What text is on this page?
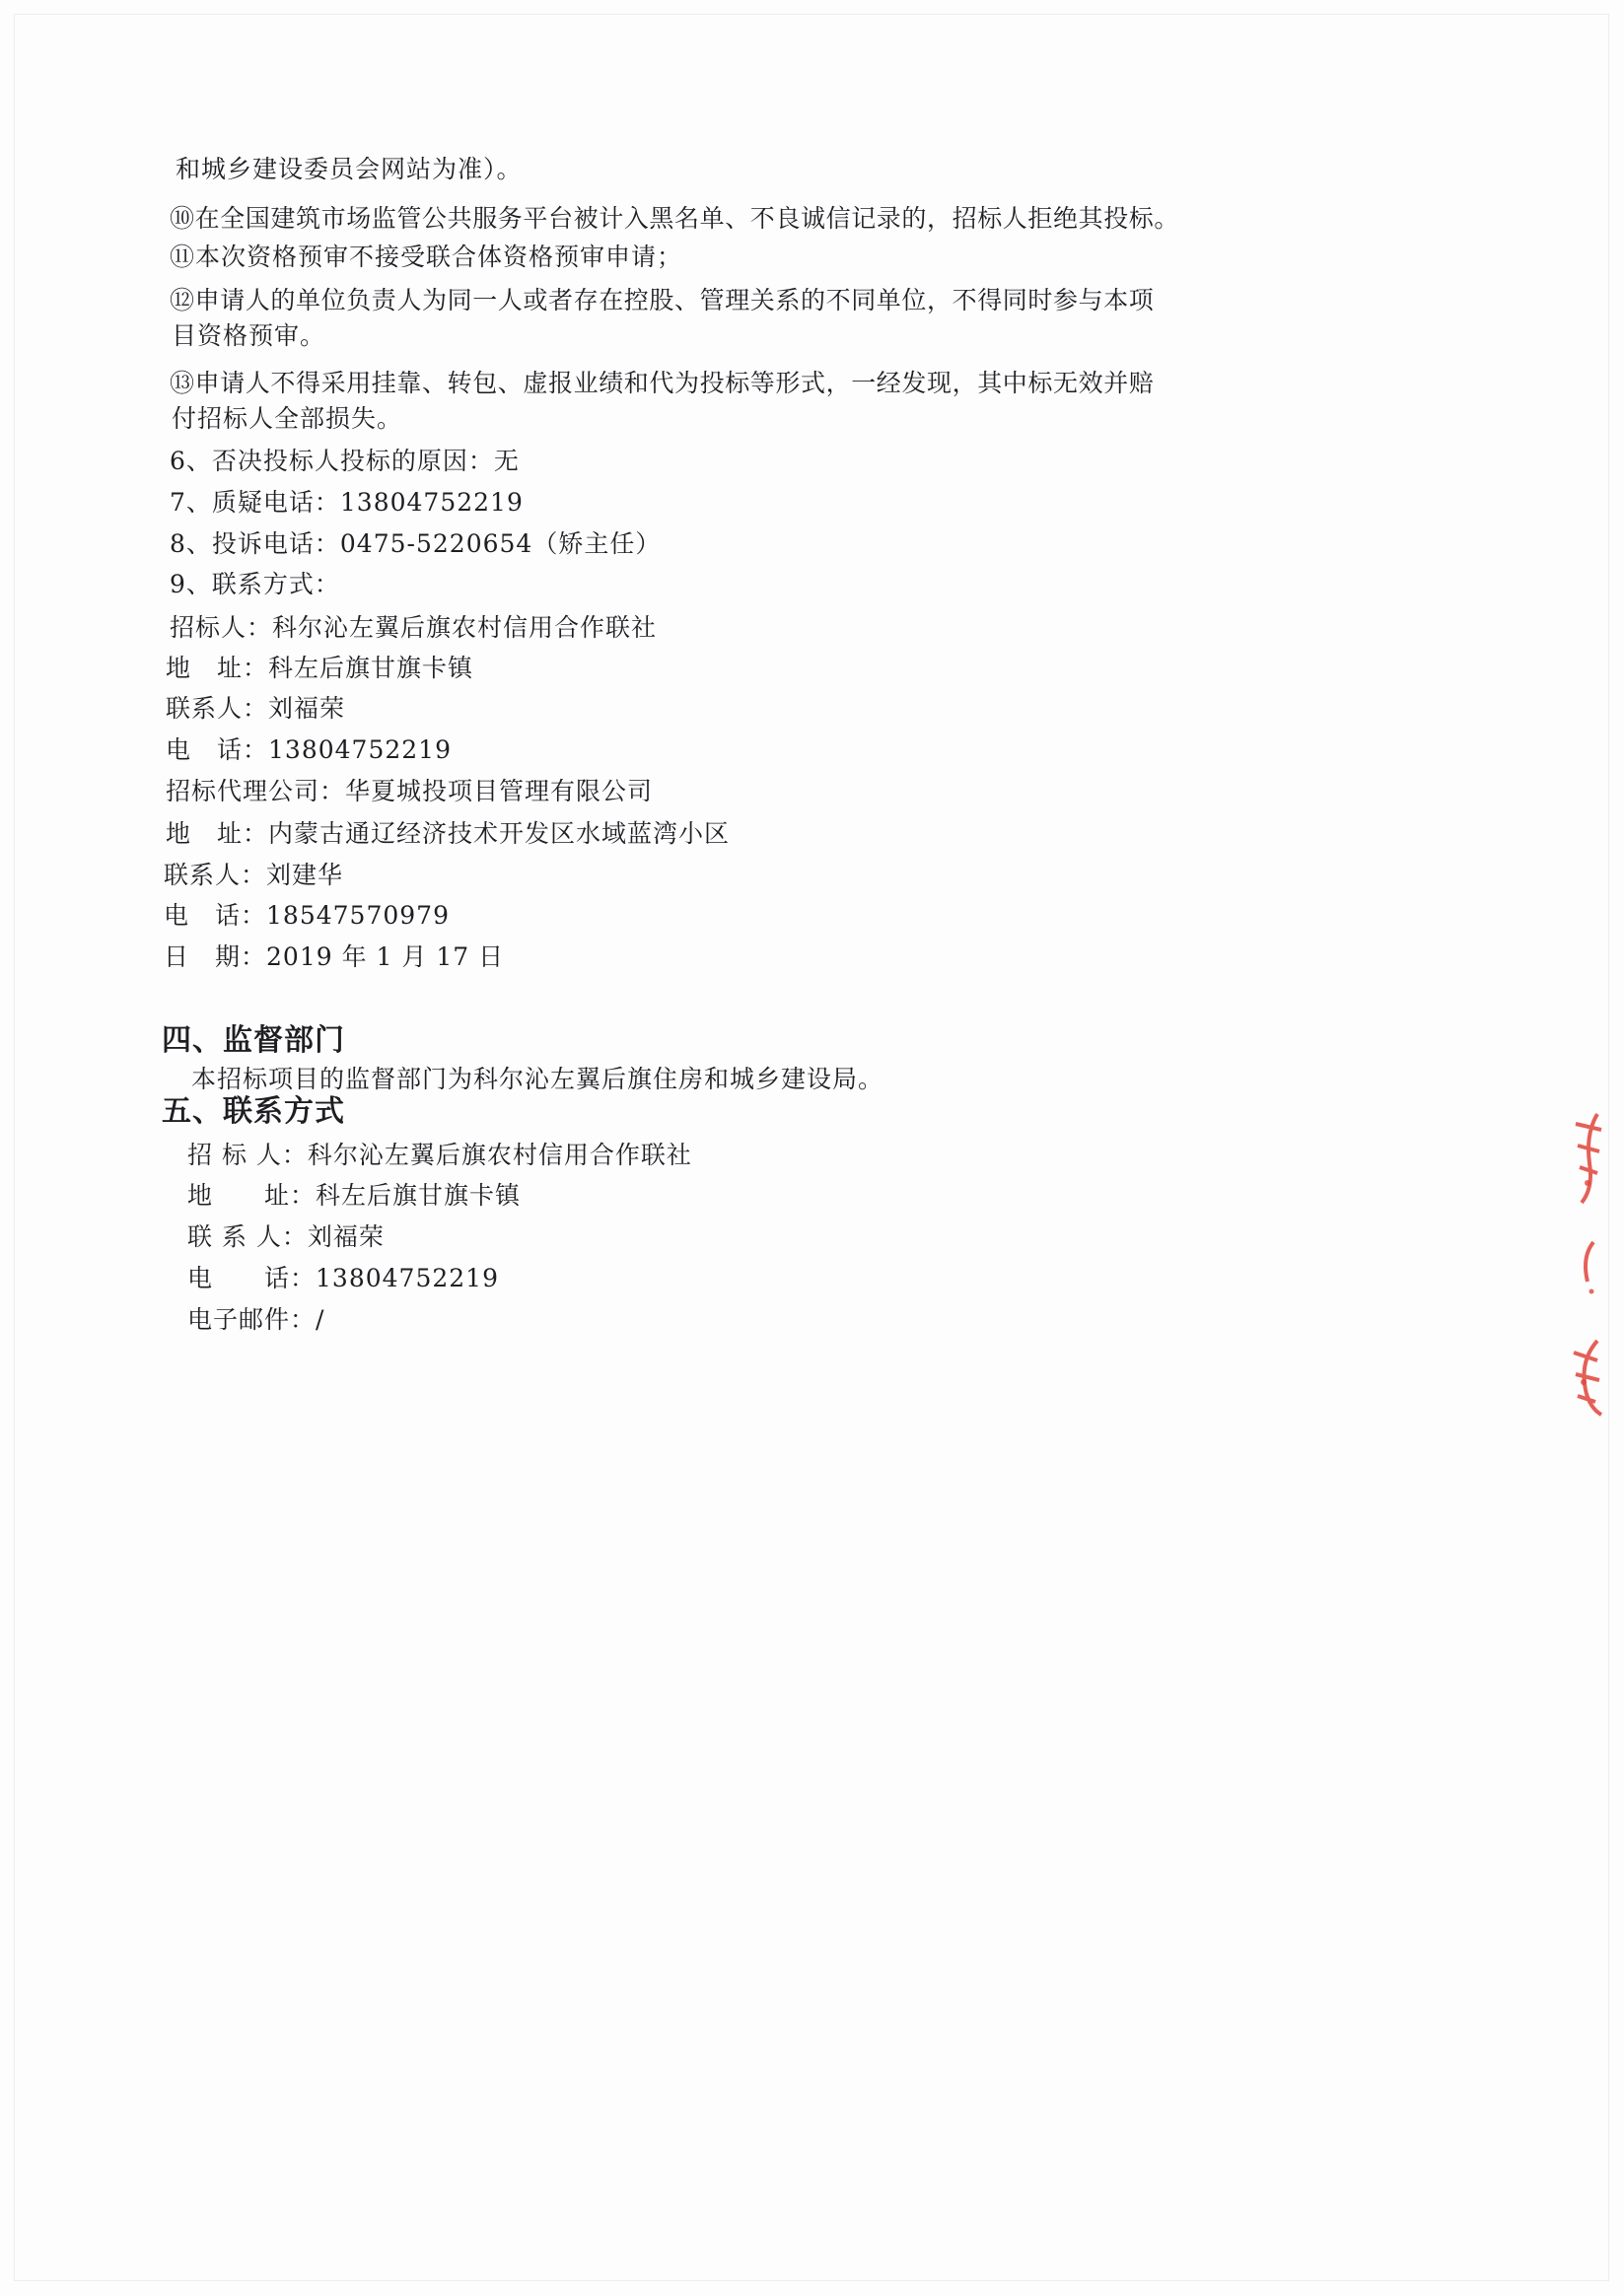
和城乡建设委员会网站为准）。
⑩在全国建筑市场监管公共服务平台被计入黑名单、不良诚信记录的，招标人拒绝其投标。
⑪本次资格预审不接受联合体资格预审申请；
⑫申请人的单位负责人为同一人或者存在控股、管理关系的不同单位，不得同时参与本项
目资格预审。
⑬申请人不得采用挂靠、转包、虚报业绩和代为投标等形式，一经发现，其中标无效并赔
付招标人全部损失。
6、否决投标人投标的原因：无
7、质疑电话：13804752219
8、投诉电话：0475-5220654（矫主任）
9、联系方式：
招标人：科尔沁左翼后旗农村信用合作联社
地　址：科左后旗甘旗卡镇
联系人：刘福荣
电　话：13804752219
招标代理公司：华夏城投项目管理有限公司
地　址：内蒙古通辽经济技术开发区水域蓝湾小区
联系人：刘建华
电　话：18547570979
日　期：2019 年 1 月 17 日
四、监督部门
本招标项目的监督部门为科尔沁左翼后旗住房和城乡建设局。
五、联系方式
招 标 人：科尔沁左翼后旗农村信用合作联社
地　　址：科左后旗甘旗卡镇
联 系 人：刘福荣
电　　话：13804752219
电子邮件：/
